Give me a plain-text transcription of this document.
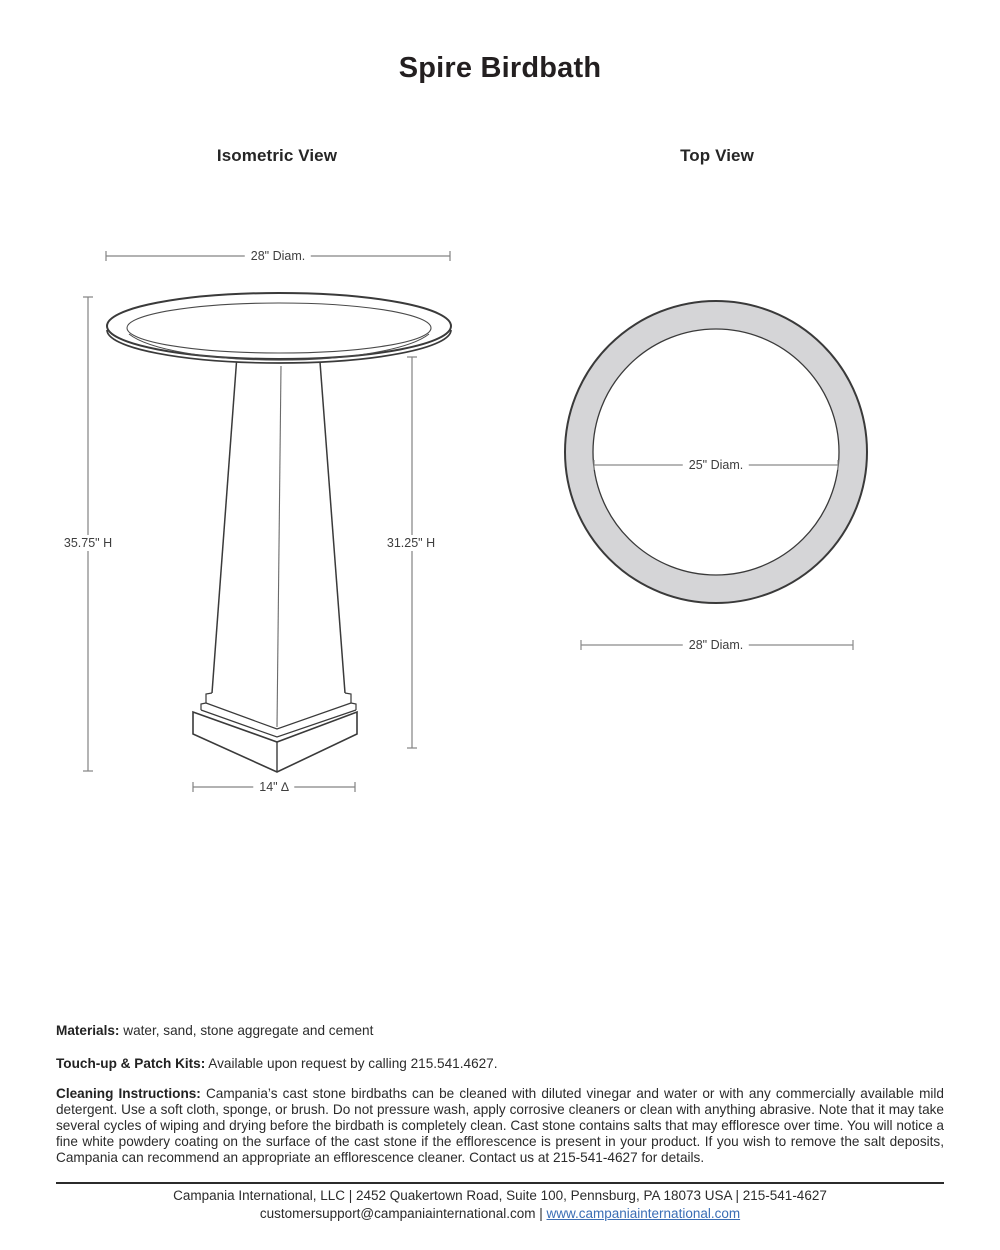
Spire Birdbath
Isometric View	Top View
28" Diam.
35.75" H	31.25" H
14" ∆
25" Diam.
28" Diam.

Materials: water, sand, stone aggregate and cement

Touch-up & Patch Kits: Available upon request by calling 215.541.4627.

Cleaning Instructions: Campania’s cast stone birdbaths can be cleaned with diluted vinegar and water or with any commercially available mild detergent. Use a soft cloth, sponge, or brush. Do not pressure wash, apply corrosive cleaners or clean with anything abrasive. Note that it may take several cycles of wiping and drying before the birdbath is completely clean. Cast stone contains salts that may effloresce over time. You will notice a fine white powdery coating on the surface of the cast stone if the efflorescence is present in your product. If you wish to remove the salt deposits, Campania can recommend an appropriate an efflorescence cleaner. Contact us at 215-541-4627 for details.

Campania International, LLC | 2452 Quakertown Road, Suite 100, Pennsburg, PA 18073 USA | 215-541-4627
customersupport@campaniainternational.com | www.campaniainternational.com
